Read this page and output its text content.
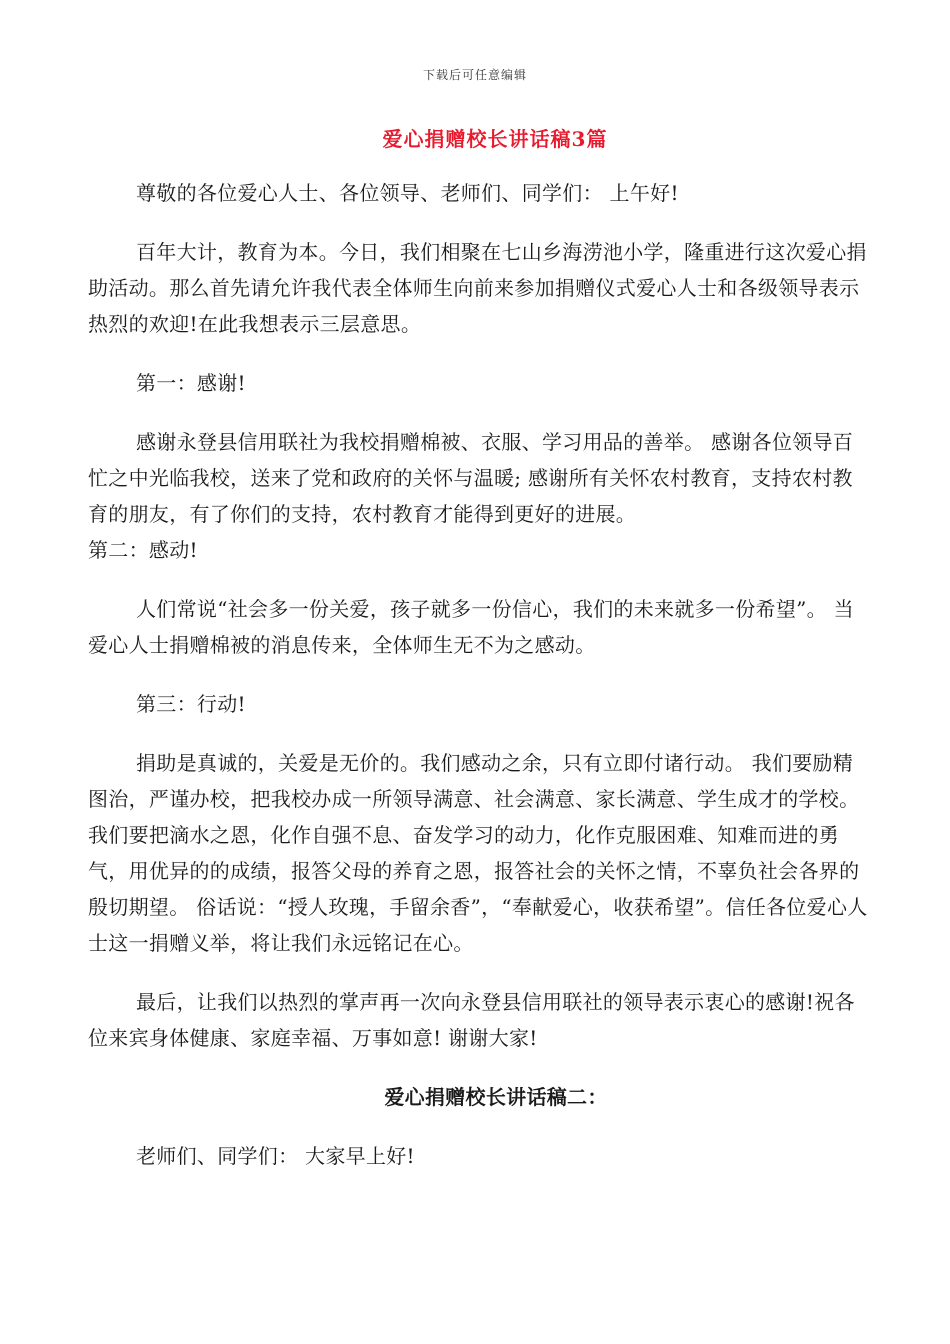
下载后可任意编辑
爱心捐赠校长讲话稿3篇

尊敬的各位爱心人士、各位领导、老师们、同学们： 上午好!

百年大计，教育为本。今日，我们相聚在七山乡海涝池小学，隆重进行这次爱心捐助活动。那么首先请允许我代表全体师生向前来参加捐赠仪式爱心人士和各级领导表示热烈的欢迎!在此我想表示三层意思。

第一：感谢!

感谢永登县信用联社为我校捐赠棉被、衣服、学习用品的善举。 感谢各位领导百忙之中光临我校，送来了党和政府的关怀与温暖; 感谢所有关怀农村教育，支持农村教育的朋友，有了你们的支持，农村教育才能得到更好的进展。

第二：感动!

人们常说“社会多一份关爱，孩子就多一份信心，我们的未来就多一份希望”。 当爱心人士捐赠棉被的消息传来，全体师生无不为之感动。

第三：行动!

捐助是真诚的，关爱是无价的。我们感动之余，只有立即付诸行动。 我们要励精图治，严谨办校，把我校办成一所领导满意、社会满意、家长满意、学生成才的学校。 我们要把滴水之恩，化作自强不息、奋发学习的动力，化作克服困难、知难而进的勇气，用优异的的成绩，报答父母的养育之恩，报答社会的关怀之情，不辜负社会各界的殷切期望。 俗话说：“授人玫瑰，手留余香”，“奉献爱心，收获希望”。信任各位爱心人士这一捐赠义举，将让我们永远铭记在心。

最后，让我们以热烈的掌声再一次向永登县信用联社的领导表示衷心的感谢!祝各位来宾身体健康、家庭幸福、万事如意! 谢谢大家!

爱心捐赠校长讲话稿二：

老师们、同学们： 大家早上好!
